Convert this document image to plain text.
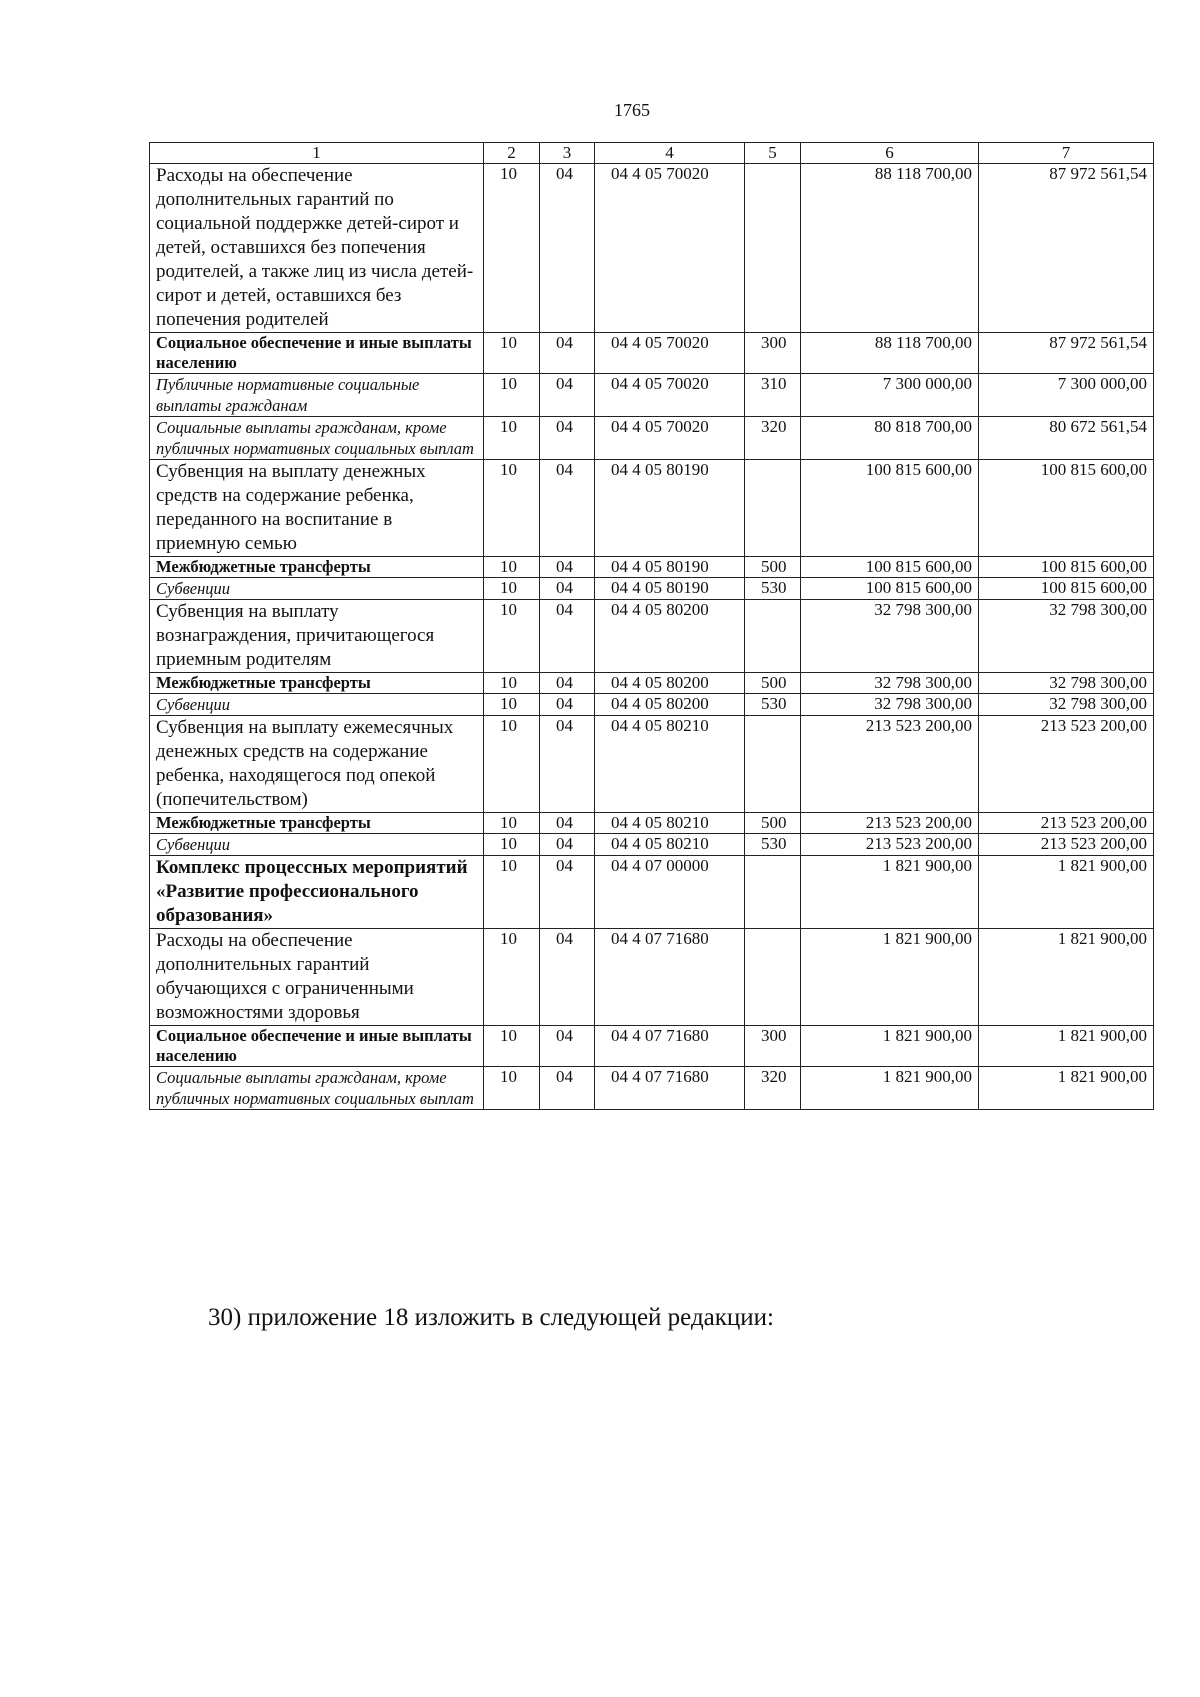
1765
1	2	3	4	5	6	7
Расходы на обеспечение дополнительных гарантий по социальной поддержке детей-сирот и детей, оставшихся без попечения родителей, а также лиц из числа детей-сирот и детей, оставшихся без попечения родителей	10	04	04 4 05 70020		88 118 700,00	87 972 561,54
Социальное обеспечение и иные выплаты населению	10	04	04 4 05 70020	300	88 118 700,00	87 972 561,54
Публичные нормативные социальные выплаты гражданам	10	04	04 4 05 70020	310	7 300 000,00	7 300 000,00
Социальные выплаты гражданам, кроме публичных нормативных социальных выплат	10	04	04 4 05 70020	320	80 818 700,00	80 672 561,54
Субвенция на выплату денежных средств на содержание ребенка, переданного на воспитание в приемную семью	10	04	04 4 05 80190		100 815 600,00	100 815 600,00
Межбюджетные трансферты	10	04	04 4 05 80190	500	100 815 600,00	100 815 600,00
Субвенции	10	04	04 4 05 80190	530	100 815 600,00	100 815 600,00
Субвенция на выплату вознаграждения, причитающегося приемным родителям	10	04	04 4 05 80200		32 798 300,00	32 798 300,00
Межбюджетные трансферты	10	04	04 4 05 80200	500	32 798 300,00	32 798 300,00
Субвенции	10	04	04 4 05 80200	530	32 798 300,00	32 798 300,00
Субвенция на выплату ежемесячных денежных средств на содержание ребенка, находящегося под опекой (попечительством)	10	04	04 4 05 80210		213 523 200,00	213 523 200,00
Межбюджетные трансферты	10	04	04 4 05 80210	500	213 523 200,00	213 523 200,00
Субвенции	10	04	04 4 05 80210	530	213 523 200,00	213 523 200,00
Комплекс процессных мероприятий «Развитие профессионального образования»	10	04	04 4 07 00000		1 821 900,00	1 821 900,00
Расходы на обеспечение дополнительных гарантий обучающихся с ограниченными возможностями здоровья	10	04	04 4 07 71680		1 821 900,00	1 821 900,00
Социальное обеспечение и иные выплаты населению	10	04	04 4 07 71680	300	1 821 900,00	1 821 900,00
Социальные выплаты гражданам, кроме публичных нормативных социальных выплат	10	04	04 4 07 71680	320	1 821 900,00	1 821 900,00
30) приложение 18 изложить в следующей редакции:
